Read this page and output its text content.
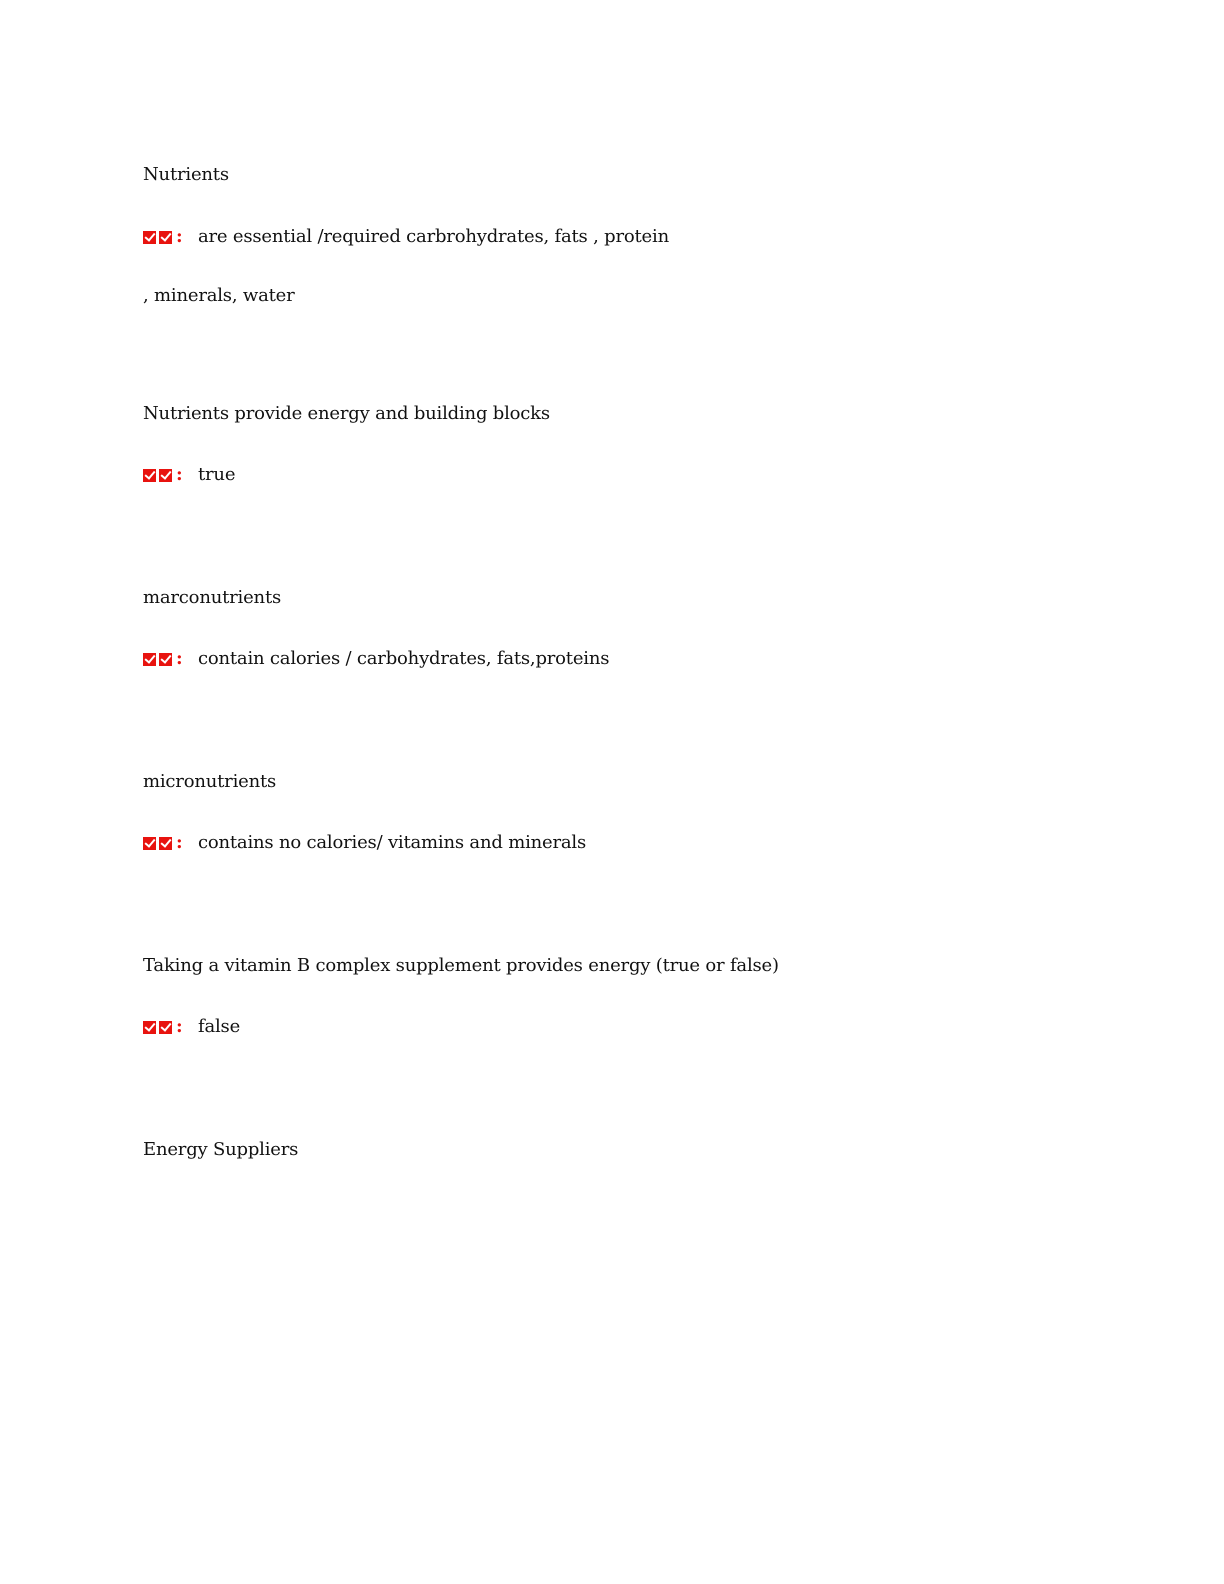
Nutrients
: are essential /required carbrohydrates, fats , protein
, minerals, water
Nutrients provide energy and building blocks
: true
marconutrients
: contain calories / carbohydrates, fats,proteins
micronutrients
: contains no calories/ vitamins and minerals
Taking a vitamin B complex supplement provides energy (true or false)
: false
Energy Suppliers
